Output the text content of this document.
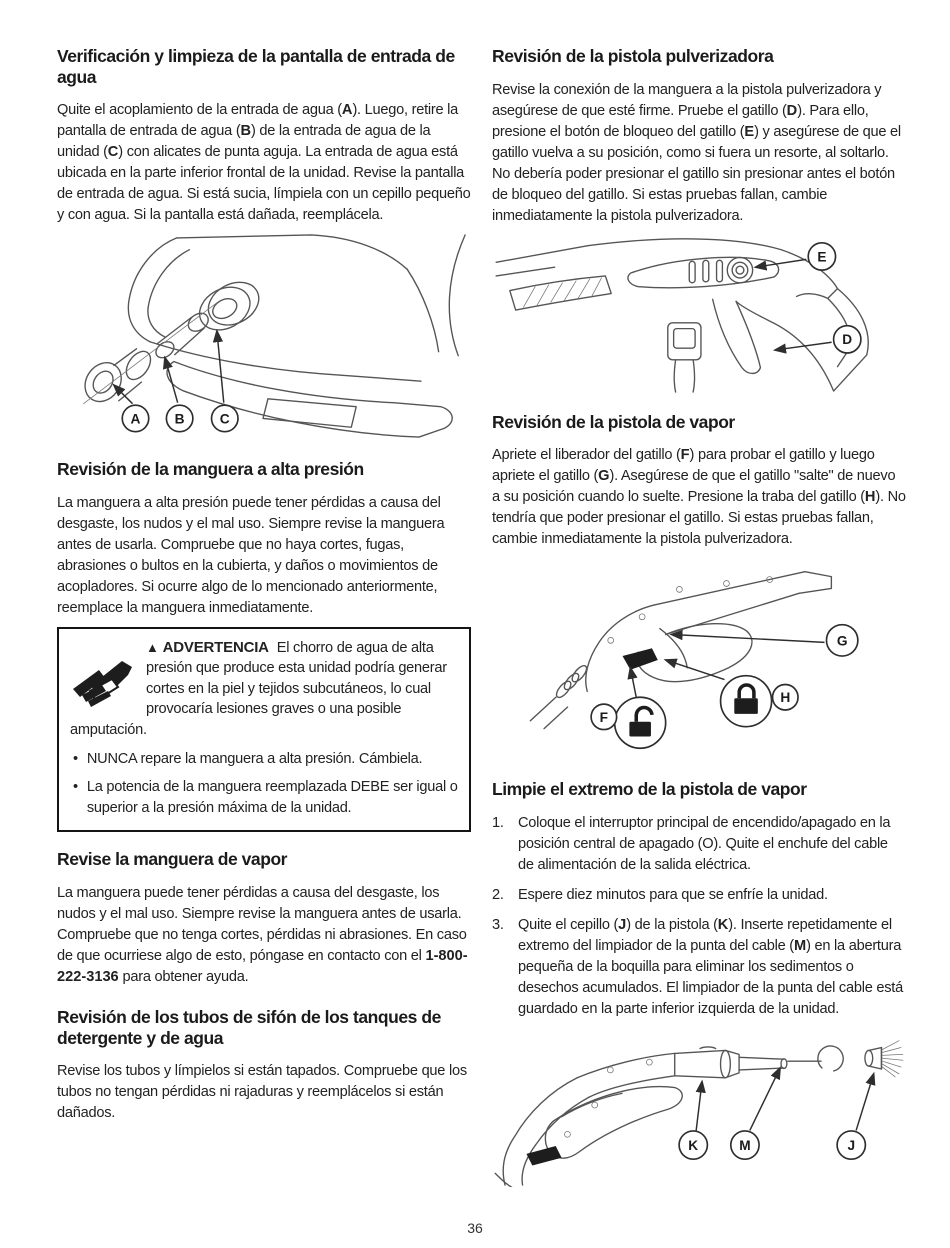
Verificación y limpieza de la pantalla de entrada de agua

Quite el acoplamiento de la entrada de agua (A). Luego, retire la pantalla de entrada de agua (B) de la entrada de agua de la unidad (C) con alicates de punta aguja. La entrada de agua está ubicada en la parte inferior frontal de la unidad. Revise la pantalla de entrada de agua. Si está sucia, límpiela con un cepillo pequeño y con agua. Si la pantalla está dañada, reemplácela.

A B	C
Revisión de la manguera a alta presión

La manguera a alta presión puede tener pérdidas a causa del desgaste, los nudos y el mal uso. Siempre revise la manguera antes de usarla. Compruebe que no haya cortes, fugas, abrasiones o bultos en la cubierta, y daños o movimientos de acopladores. Si ocurre algo de lo mencionado anteriormente, reemplace la manguera inmediatamente.

▲ ADVERTENCIA El chorro de agua de alta presión que produce esta unidad podría generar cortes en la piel y tejidos subcutáneos, lo cual provocaría lesiones graves o una posible amputación.

• NUNCA repare la manguera a alta presión. Cámbiela.
• La potencia de la manguera reemplazada DEBE ser igual o superior a la presión máxima de la unidad.
Revise la manguera de vapor

La manguera puede tener pérdidas a causa del desgaste, los nudos y el mal uso. Siempre revise la manguera antes de usarla. Compruebe que no tenga cortes, pérdidas ni abrasiones. En caso de que ocurriese algo de esto, póngase en contacto con el 1-800-222-3136 para obtener ayuda.

Revisión de los tubos de sifón de los tanques de detergente y de agua

Revise los tubos y límpielos si están tapados. Compruebe que los tubos no tengan pérdidas ni rajaduras y reemplácelos si están dañados.

Revisión de la pistola pulverizadora

Revise la conexión de la manguera a la pistola pulverizadora y asegúrese de que esté firme. Pruebe el gatillo (D). Para ello, presione el botón de bloqueo del gatillo (E) y asegúrese de que el gatillo vuelva a su posición, como si fuera un resorte, al soltarlo. No debería poder presionar el gatillo sin presionar antes el botón de bloqueo del gatillo. Si estas pruebas fallan, cambie inmediatamente la pistola pulverizadora.

E
D
Revisión de la pistola de vapor

Apriete el liberador del gatillo (F) para probar el gatillo y luego apriete el gatillo (G). Asegúrese de que el gatillo "salte" de nuevo a su posición cuando lo suelte. Presione la traba del gatillo (H). No tendría que poder presionar el gatillo. Si estas pruebas fallan, cambie inmediatamente la pistola pulverizadora.

G
F
H
Limpie el extremo de la pistola de vapor
1. Coloque el interruptor principal de encendido/apagado en la posición central de apagado (O). Quite el enchufe del cable de alimentación de la salida eléctrica.
2. Espere diez minutos para que se enfríe la unidad.
3. Quite el cepillo (J) de la pistola (K). Inserte repetidamente el extremo del limpiador de la punta del cable (M) en la abertura pequeña de la boquilla para eliminar los sedimentos o desechos acumulados. El limpiador de la punta del cable está guardado en la parte inferior izquierda de la unidad.
K	M	J
36
